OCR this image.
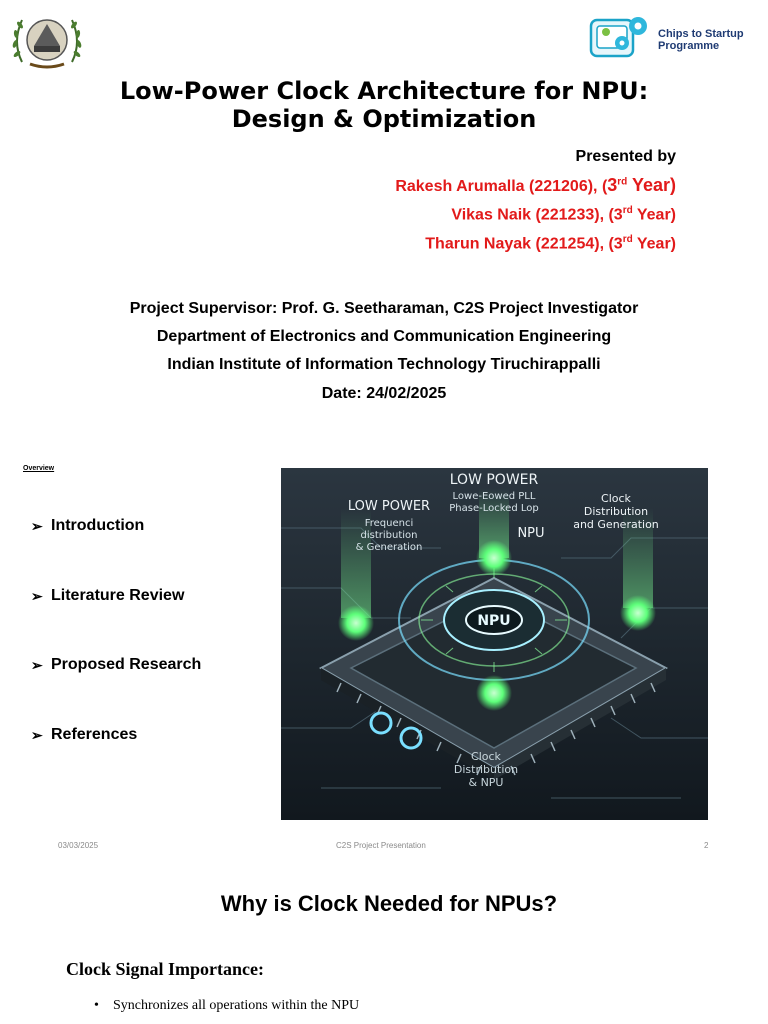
Chips to Startup
Programme
Low-Power Clock Architecture for NPU:
Design & Optimization
Presented by
Rakesh Arumalla (221206), (3rd Year)
Vikas Naik (221233), (3rd Year)
Tharun Nayak (221254), (3rd Year)
Project Supervisor: Prof. G. Seetharaman, C2S Project Investigator
Department of Electronics and Communication Engineering
Indian Institute of Information Technology Tiruchirappalli
Date: 24/02/2025
Overview
➢ Introduction
➢ Literature Review
➢ Proposed Research
➢ References
NPU
LOW POWER
Lowe-Eowed PLL Phase-Locked Lop
LOW POWER
Frequenci distribution & Generation
Clock Distribution and Generation
NPU
Clock Distribution & NPU
03/03/2025	C2S Project Presentation	2
Why is Clock Needed for NPUs?
Clock Signal Importance:
• Synchronizes all operations within the NPU
